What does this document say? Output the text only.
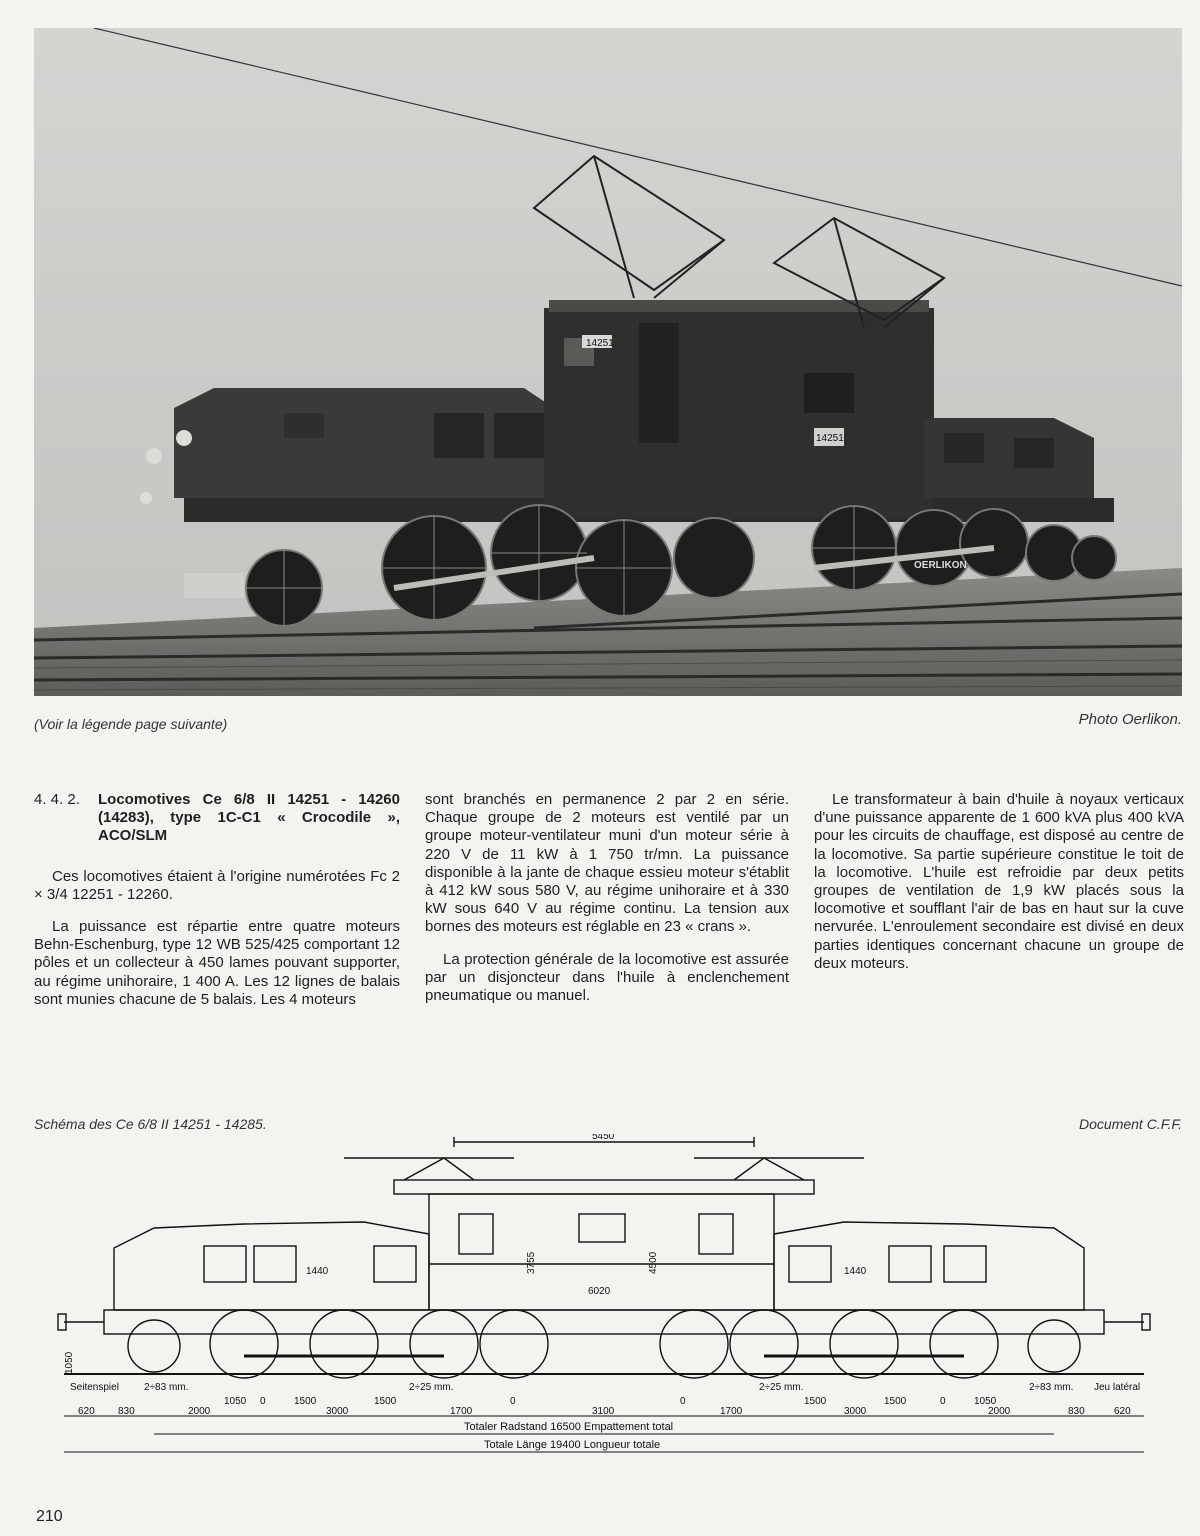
14251
14251
OERLIKON
(Voir la légende page suivante)	Photo Oerlikon.
4. 4. 2.	Locomotives Ce 6/8 II 14251 - 14260 (14283), type 1C-C1 « Crocodile », ACO/SLM

Ces locomotives étaient à l'origine numérotées Fc 2 × 3/4 12251 - 12260.

La puissance est répartie entre quatre moteurs Behn-Eschenburg, type 12 WB 525/425 comportant 12 pôles et un collecteur à 450 lames pouvant supporter, au régime unihoraire, 1 400 A. Les 12 lignes de balais sont munies chacune de 5 balais. Les 4 moteurs

sont branchés en permanence 2 par 2 en série. Chaque groupe de 2 moteurs est ventilé par un groupe moteur-ventilateur muni d'un moteur série à 220 V de 11 kW à 1 750 tr/mn. La puissance disponible à la jante de chaque essieu moteur s'établit à 412 kW sous 580 V, au régime unihoraire et à 330 kW sous 640 V au régime continu. La tension aux bornes des moteurs est réglable en 23 « crans ».

La protection générale de la locomotive est assurée par un disjoncteur dans l'huile à enclenchement pneumatique ou manuel.

Le transformateur à bain d'huile à noyaux verticaux d'une puissance apparente de 1 600 kVA plus 400 kVA pour les circuits de chauffage, est disposé au centre de la locomotive. Sa partie supérieure constitue le toit de la locomotive. L'huile est refroidie par deux petits groupes de ventilation de 1,9 kW placés sous la locomotive et soufflant l'air de bas en haut sur la cuve nervurée. L'enroulement secondaire est divisé en deux parties identiques concernant chacune un groupe de deux moteurs.

Schéma des Ce 6/8 II 14251 - 14285.	Document C.F.F.
5450
3755	4500
1050
6020
1440	1440
Seitenspiel	2÷83 mm.	2÷25 mm.	2÷25 mm.	2÷83 mm. Jeu latéral
1050 0	1500	1500	0	0	1500	1500	0	1050
620 830	2000	3000	1700	3100	1700	3000	2000	830	620
Totaler Radstand 16500 Empattement total
Totale Länge 19400 Longueur totale
210
